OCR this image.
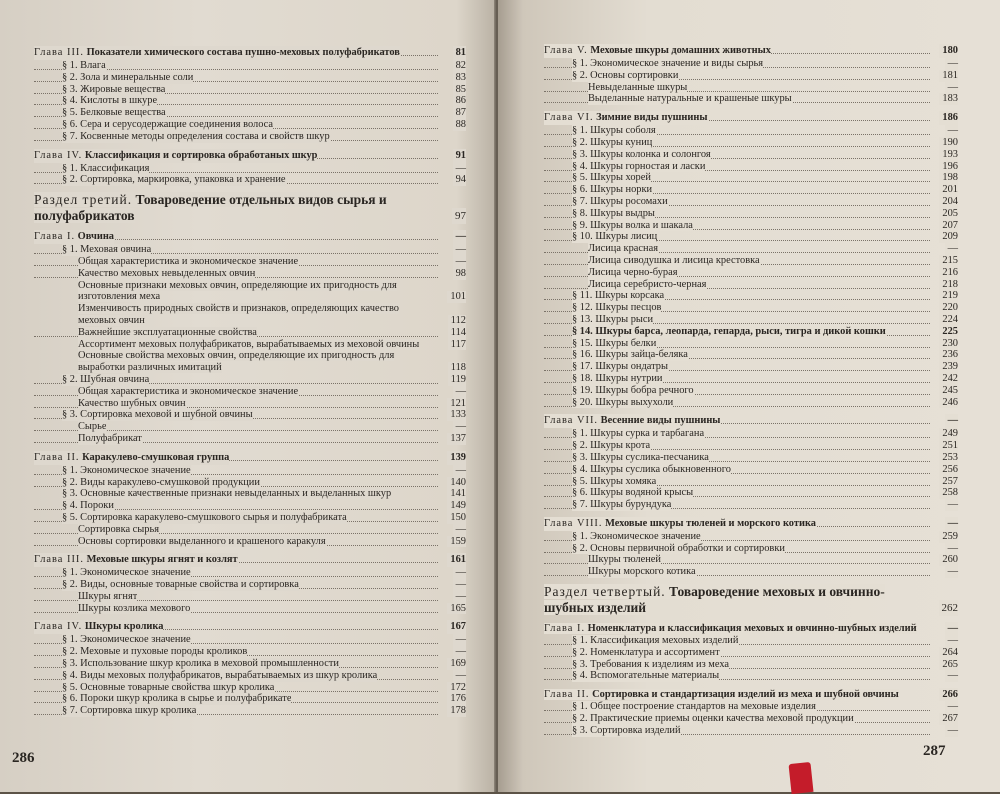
Глава III. Показатели химического состава пушно-меховых полуфабрикатов	81
§ 1. Влага	82
§ 2. Зола и минеральные соли	83
§ 3. Жировые вещества	85
§ 4. Кислоты в шкуре	86
§ 5. Белковые вещества	87
§ 6. Сера и серусодержащие соединения волоса	88
§ 7. Косвенные методы определения состава и свойств шкур
Глава IV. Классификация и сортировка обработаных шкур	91
§ 1. Классификация	—
§ 2. Сортировка, маркировка, упаковка и хранение	94
Раздел третий. Товароведение отдельных видов сырья и полуфабрикатов	97
Глава I. Овчина	—
§ 1. Меховая овчина	—
Общая характеристика и экономическое значение	—
Качество меховых невыделенных овчин	98
Основные признаки меховых овчин, определяющие их пригодность для изготовления меха	101
Изменчивость природных свойств и признаков, определяющих качество меховых овчин	112
Важнейшие эксплуатационные свойства	114
Ассортимент меховых полуфабрикатов, вырабатываемых из меховой овчины	117
Основные свойства меховых овчин, определяющие их пригодность для выработки различных имитаций	118
§ 2. Шубная овчина	119
Общая характеристика и экономическое значение	—
Качество шубных овчин	121
§ 3. Сортировка меховой и шубной овчины	133
Сырье	—
Полуфабрикат	137
Глава II. Каракулево-смушковая группа	139
§ 1. Экономическое значение	—
§ 2. Виды каракулево-смушковой продукции	140
§ 3. Основные качественные признаки невыделанных и выделанных шкур	141
§ 4. Пороки	149
§ 5. Сортировка каракулево-смушкового сырья и полуфабриката	150
Сортировка сырья	—
Основы сортировки выделанного и крашеного каракуля	159
Глава III. Меховые шкуры ягнят и козлят	161
§ 1. Экономическое значение	—
§ 2. Виды, основные товарные свойства и сортировка	—
Шкуры ягнят	—
Шкуры козлика мехового	165
Глава IV. Шкуры кролика	167
§ 1. Экономическое значение	—
§ 2. Меховые и пуховые породы кроликов	—
§ 3. Использование шкур кролика в меховой промышленности	169
§ 4. Виды меховых полуфабрикатов, вырабатываемых из шкур кролика	—
§ 5. Основные товарные свойства шкур кролика	172
§ 6. Пороки шкур кролика в сырье и полуфабрикате	176
§ 7. Сортировка шкур кролика	178
286
Глава V. Меховые шкуры домашних животных	180
§ 1. Экономическое значение и виды сырья	—
§ 2. Основы сортировки	181
Невыделанные шкуры	—
Выделанные натуральные и крашеные шкуры	183
Глава VI. Зимние виды пушнины	186
§ 1. Шкуры соболя	—
§ 2. Шкуры куниц	190
§ 3. Шкуры колонка и солонгоя	193
§ 4. Шкуры горностая и ласки	196
§ 5. Шкуры хорей	198
§ 6. Шкуры норки	201
§ 7. Шкуры росомахи	204
§ 8. Шкуры выдры	205
§ 9. Шкуры волка и шакала	207
§ 10. Шкуры лисиц	209
Лисица красная	—
Лисица сиводушка и лисица крестовка	215
Лисица черно-бурая	216
Лисица серебристо-черная	218
§ 11. Шкуры корсака	219
§ 12. Шкуры песцов	220
§ 13. Шкуры рыси	224
§ 14. Шкуры барса, леопарда, гепарда, рыси, тигра и дикой кошки	225
§ 15. Шкуры белки	230
§ 16. Шкуры зайца-беляка	236
§ 17. Шкуры ондатры	239
§ 18. Шкуры нутрии	242
§ 19. Шкуры бобра речного	245
§ 20. Шкуры выхухоли	246
Глава VII. Весенние виды пушнины	—
§ 1. Шкуры сурка и тарбагана	249
§ 2. Шкуры крота	251
§ 3. Шкуры суслика-песчаника	253
§ 4. Шкуры суслика обыкновенного	256
§ 5. Шкуры хомяка	257
§ 6. Шкуры водяной крысы	258
§ 7. Шкуры бурундука	—
Глава VIII. Меховые шкуры тюленей и морского котика	—
§ 1. Экономическое значение	259
§ 2. Основы первичной обработки и сортировки	—
Шкуры тюленей	260
Шкуры морского котика	—
Раздел четвертый. Товароведение меховых и овчинно-шубных изделий	262
Глава I. Номенклатура и классификация меховых и овчинно-шубных изделий	—
§ 1. Классификация меховых изделий	—
§ 2. Номенклатура и ассортимент	264
§ 3. Требования к изделиям из меха	265
§ 4. Вспомогательные материалы	—
Глава II. Сортировка и стандартизация изделий из меха и шубной овчины	266
§ 1. Общее построение стандартов на меховые изделия	—
§ 2. Практические приемы оценки качества меховой продукции	267
§ 3. Сортировка изделий	—
287
